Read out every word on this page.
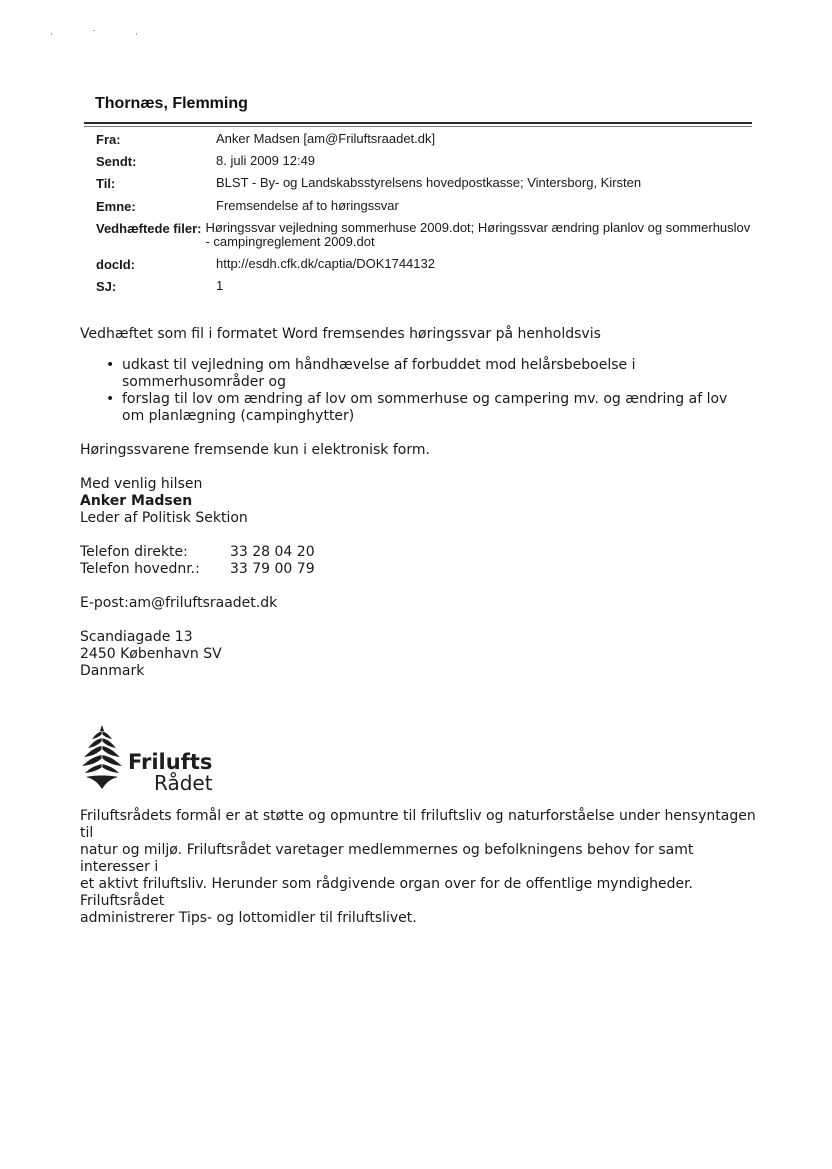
· ˙ ·
Thornæs, Flemming
Fra:	Anker Madsen [am@Friluftsraadet.dk]
Sendt:	8. juli 2009 12:49
Til:	BLST - By- og Landskabsstyrelsens hovedpostkasse; Vintersborg, Kirsten
Emne:	Fremsendelse af to høringssvar
Vedhæftede filer: Høringssvar vejledning sommerhuse 2009.dot; Høringssvar ændring planlov og sommerhuslov - campingreglement 2009.dot
docId:	http://esdh.cfk.dk/captia/DOK1744132
SJ:	1

Vedhæftet som fil i formatet Word fremsendes høringssvar på henholdsvis

• udkast til vejledning om håndhævelse af forbuddet mod helårsbeboelse i
sommerhusområder og
• forslag til lov om ændring af lov om sommerhuse og campering mv. og ændring af lov
om planlægning (campinghytter)

Høringssvarene fremsende kun i elektronisk form.

Med venlig hilsen

Anker Madsen

Leder af Politisk Sektion

Telefon direkte:	33 28 04 20
Telefon hovednr.: 33 79 00 79

E-post:am@friluftsraadet.dk

Scandiagade 13

2450 København SV

Danmark

Frilufts
Rådet

Friluftsrådets formål er at støtte og opmuntre til friluftsliv og naturforståelse under hensyntagen

til

natur og miljø. Friluftsrådet varetager medlemmernes og befolkningens behov for samt

interesser i

et aktivt friluftsliv. Herunder som rådgivende organ over for de offentlige myndigheder.

Friluftsrådet

administrerer Tips- og lottomidler til friluftslivet.
